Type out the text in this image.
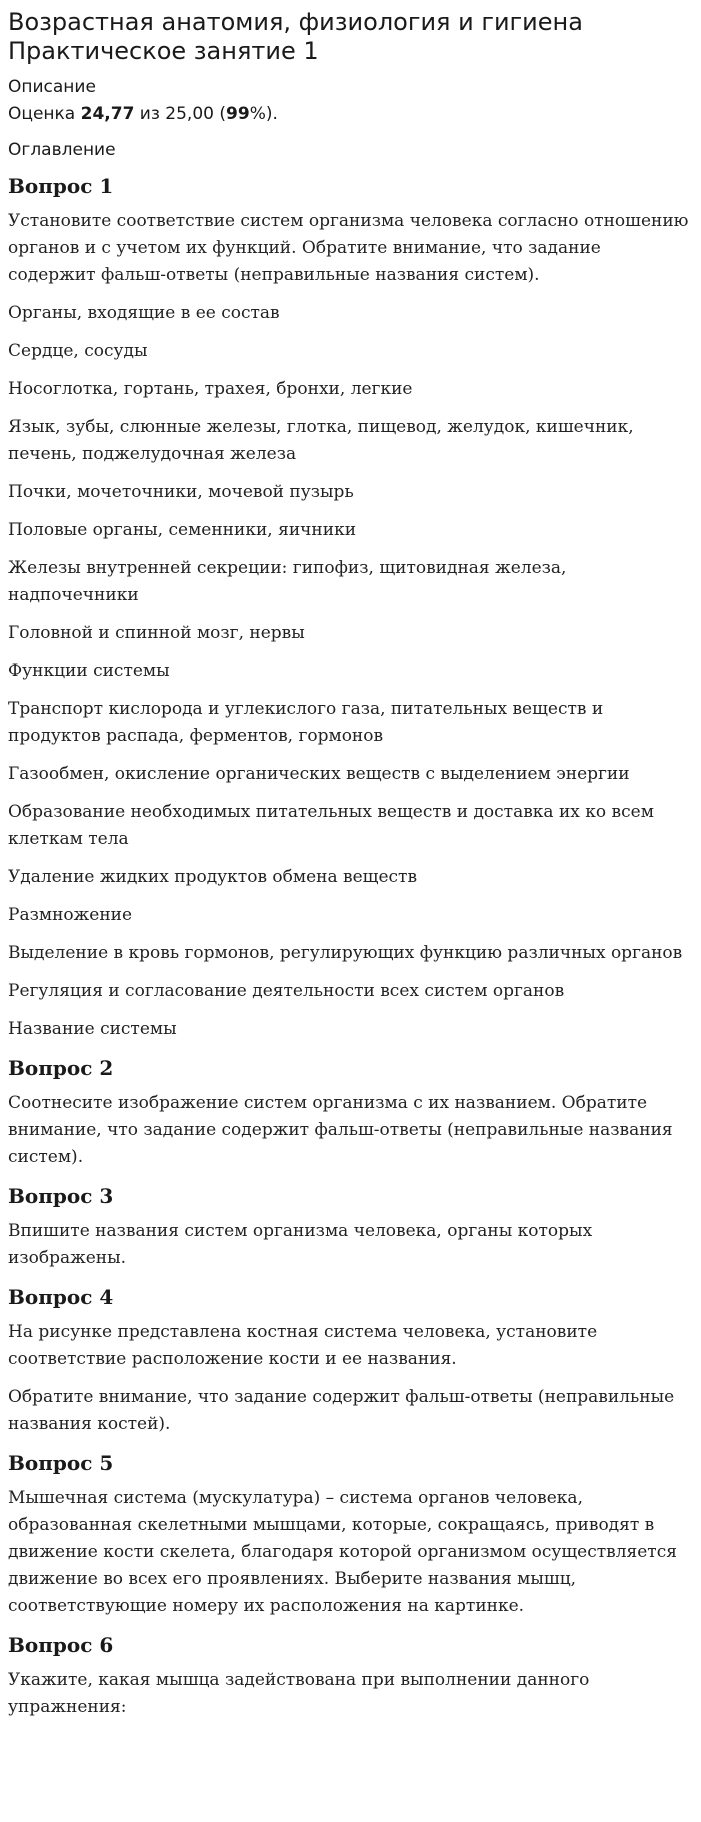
Возрастная анатомия, физиология и гигиена
Практическое занятие 1
Описание
Оценка 24,77 из 25,00 (99%).
Оглавление
Вопрос 1
Установите соответствие систем организма человека согласно отношению органов и с учетом их функций. Обратите внимание, что задание содержит фальш-ответы (неправильные названия систем).
Органы, входящие в ее состав
Сердце, сосуды
Носоглотка, гортань, трахея, бронхи, легкие
Язык, зубы, слюнные железы, глотка, пищевод, желудок, кишечник, печень, поджелудочная железа
Почки, мочеточники, мочевой пузырь
Половые органы, семенники, яичники
Железы внутренней секреции: гипофиз, щитовидная железа, надпочечники
Головной и спинной мозг, нервы
Функции системы
Транспорт кислорода и углекислого газа, питательных веществ и продуктов распада, ферментов, гормонов
Газообмен, окисление органических веществ с выделением энергии
Образование необходимых питательных веществ и доставка их ко всем клеткам тела
Удаление жидких продуктов обмена веществ
Размножение
Выделение в кровь гормонов, регулирующих функцию различных органов
Регуляция и согласование деятельности всех систем органов
Название системы
Вопрос 2
Соотнесите изображение систем организма с их названием. Обратите внимание, что задание содержит фальш-ответы (неправильные названия систем).
Вопрос 3
Впишите названия систем организма человека, органы которых изображены.
Вопрос 4
На рисунке представлена костная система человека, установите соответствие расположение кости и ее названия.
Обратите внимание, что задание содержит фальш-ответы (неправильные названия костей).
Вопрос 5
Мышечная система (мускулатура) – система органов человека, образованная скелетными мышцами, которые, сокращаясь, приводят в движение кости скелета, благодаря которой организмом осуществляется движение во всех его проявлениях. Выберите названия мышц, соответствующие номеру их расположения на картинке.
Вопрос 6
Укажите, какая мышца задействована при выполнении данного упражнения:
